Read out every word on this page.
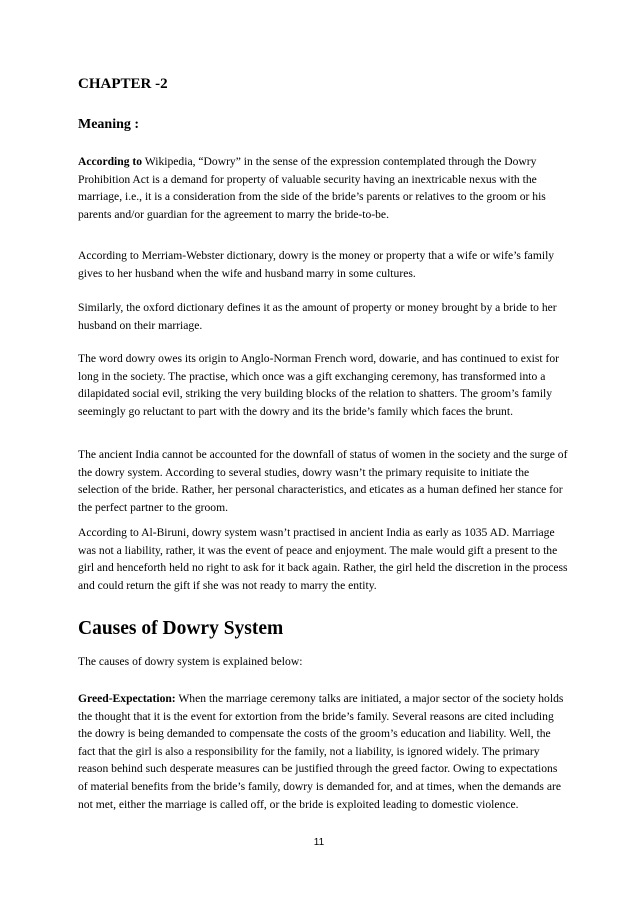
CHAPTER -2
Meaning :

According to Wikipedia, “Dowry” in the sense of the expression contemplated through the Dowry Prohibition Act is a demand for property of valuable security having an inextricable nexus with the marriage, i.e., it is a consideration from the side of the bride’s parents or relatives to the groom or his parents and/or guardian for the agreement to marry the bride-to-be.

According to Merriam-Webster dictionary, dowry is the money or property that a wife or wife’s family gives to her husband when the wife and husband marry in some cultures.

Similarly, the oxford dictionary defines it as the amount of property or money brought by a bride to her husband on their marriage.

The word dowry owes its origin to Anglo-Norman French word, dowarie, and has continued to exist for long in the society. The practise, which once was a gift exchanging ceremony, has transformed into a dilapidated social evil, striking the very building blocks of the relation to shatters. The groom’s family seemingly go reluctant to part with the dowry and its the bride’s family which faces the brunt.

The ancient India cannot be accounted for the downfall of status of women in the society and the surge of the dowry system. According to several studies, dowry wasn’t the primary requisite to initiate the selection of the bride. Rather, her personal characteristics, and eticates as a human defined her stance for the perfect partner to the groom.

According to Al-Biruni, dowry system wasn’t practised in ancient India as early as 1035 AD. Marriage was not a liability, rather, it was the event of peace and enjoyment. The male would gift a present to the girl and henceforth held no right to ask for it back again. Rather, the girl held the discretion in the process and could return the gift if she was not ready to marry the entity.

Causes of Dowry System

The causes of dowry system is explained below:

Greed-Expectation: When the marriage ceremony talks are initiated, a major sector of the society holds the thought that it is the event for extortion from the bride’s family. Several reasons are cited including the dowry is being demanded to compensate the costs of the groom’s education and liability. Well, the fact that the girl is also a responsibility for the family, not a liability, is ignored widely. The primary reason behind such desperate measures can be justified through the greed factor. Owing to expectations of material benefits from the bride’s family, dowry is demanded for, and at times, when the demands are not met, either the marriage is called off, or the bride is exploited leading to domestic violence.

11
